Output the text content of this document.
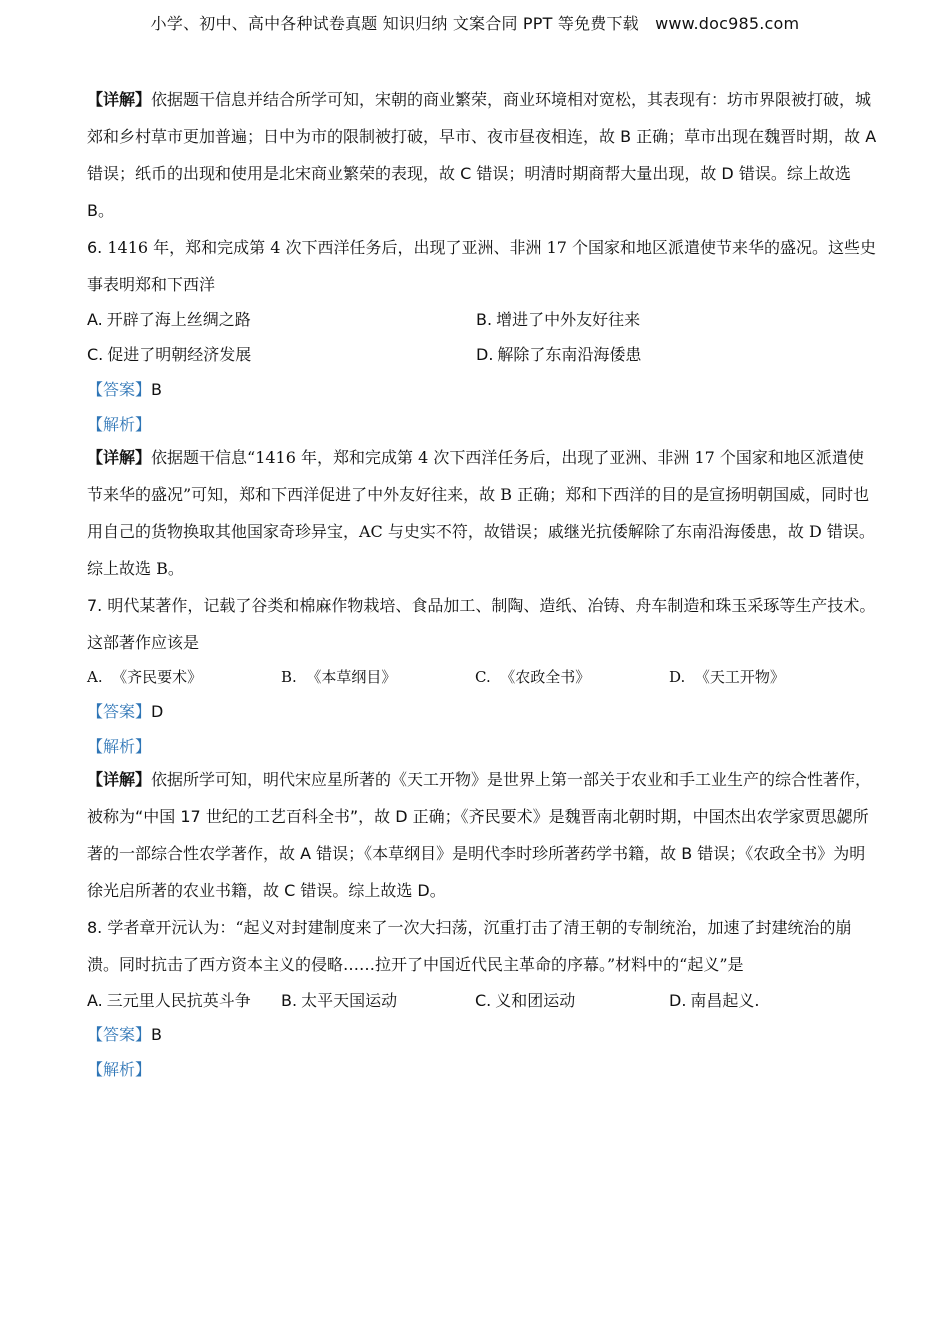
小学、初中、高中各种试卷真题 知识归纳 文案合同 PPT 等免费下载　www.doc985.com
【详解】依据题干信息并结合所学可知，宋朝的商业繁荣，商业环境相对宽松，其表现有：坊市界限被打破，城郊和乡村草市更加普遍；日中为市的限制被打破，早市、夜市昼夜相连，故 B 正确；草市出现在魏晋时期，故 A 错误；纸币的出现和使用是北宋商业繁荣的表现，故 C 错误；明清时期商帮大量出现，故 D 错误。综上故选 B。
6. 1416 年，郑和完成第 4 次下西洋任务后，出现了亚洲、非洲 17 个国家和地区派遣使节来华的盛况。这些史事表明郑和下西洋
A. 开辟了海上丝绸之路	B. 增进了中外友好往来
C. 促进了明朝经济发展	D. 解除了东南沿海倭患
【答案】B
【解析】
【详解】依据题干信息“1416 年，郑和完成第 4 次下西洋任务后，出现了亚洲、非洲 17 个国家和地区派遣使节来华的盛况”可知，郑和下西洋促进了中外友好往来，故 B 正确；郑和下西洋的目的是宣扬明朝国威，同时也用自己的货物换取其他国家奇珍异宝，AC 与史实不符，故错误；戚继光抗倭解除了东南沿海倭患，故 D 错误。综上故选 B。
7. 明代某著作，记载了谷类和棉麻作物栽培、食品加工、制陶、造纸、冶铸、舟车制造和珠玉采琢等生产技术。这部著作应该是
A. 《齐民要术》	B. 《本草纲目》	C. 《农政全书》	D. 《天工开物》
【答案】D
【解析】
【详解】依据所学可知，明代宋应星所著的《天工开物》是世界上第一部关于农业和手工业生产的综合性著作，被称为“中国 17 世纪的工艺百科全书”，故 D 正确；《齐民要术》是魏晋南北朝时期，中国杰出农学家贾思勰所著的一部综合性农学著作，故 A 错误；《本草纲目》是明代李时珍所著药学书籍，故 B 错误；《农政全书》为明徐光启所著的农业书籍，故 C 错误。综上故选 D。
8. 学者章开沅认为：“起义对封建制度来了一次大扫荡，沉重打击了清王朝的专制统治，加速了封建统治的崩溃。同时抗击了西方资本主义的侵略……拉开了中国近代民主革命的序幕。”材料中的“起义”是
A. 三元里人民抗英斗争 B. 太平天国运动	C. 义和团运动	D. 南昌起义.
【答案】B
【解析】
